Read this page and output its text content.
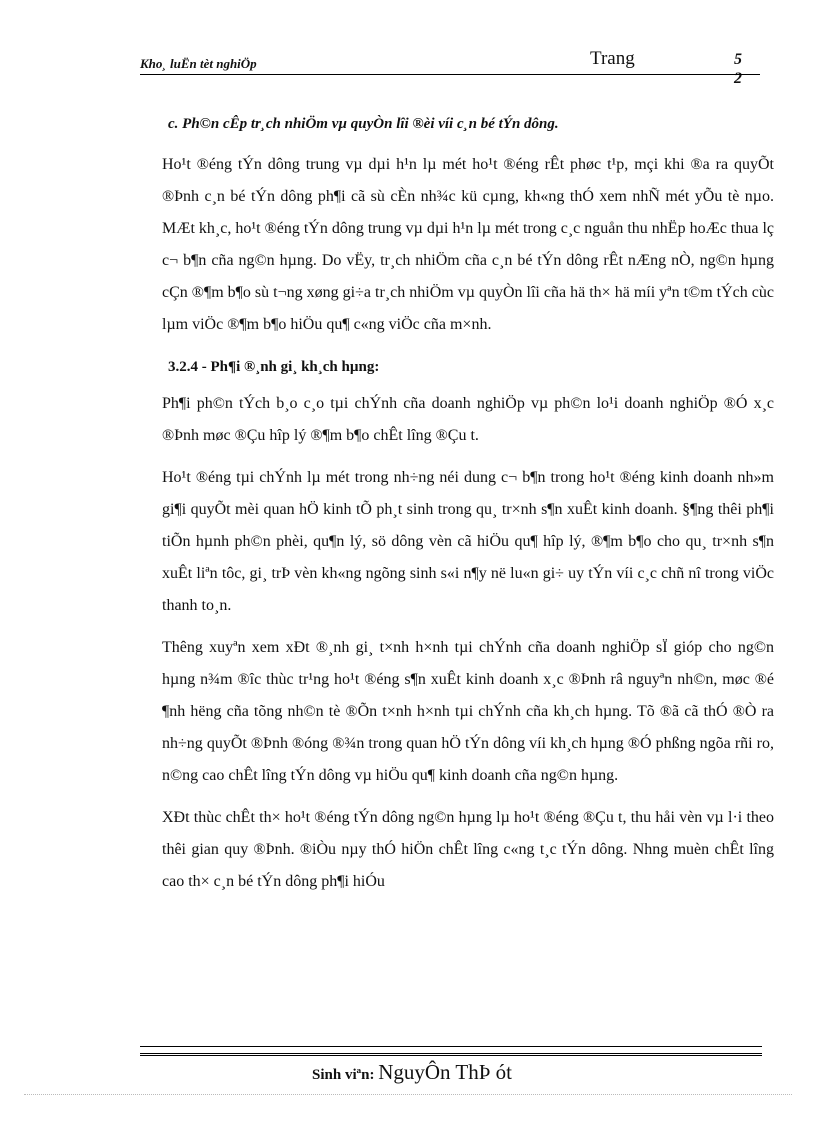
Kho¸ luËn tèt nghiÖp	Trang	5
2
c. Ph©n cÊp tr¸ch nhiÖm vµ quyÒn lîi ®èi víi c¸n bé tÝn dông.

Ho¹t ®éng tÝn dông trung vµ dµi h¹n lµ mét ho¹t ®éng rÊt phøc t¹p, mçi khi ®a ra quyÕt ®Þnh c¸n bé tÝn dông ph¶i cã sù cÈn nh¾c kü cµng, kh«ng thÓ xem nhÑ mét yÕu tè nµo. MÆt kh¸c, ho¹t ®éng tÝn dông trung vµ dµi h¹n lµ mét trong c¸c nguån thu nhËp hoÆc thua lç c¬ b¶n cña ng©n hµng. Do vËy, tr¸ch nhiÖm cña c¸n bé tÝn dông rÊt nÆng nÒ, ng©n hµng cÇn ®¶m b¶o sù t¬ng xøng gi÷a tr¸ch nhiÖm vµ quyÒn lîi cña hä th× hä míi yªn t©m tÝch cùc lµm viÖc ®¶m b¶o hiÖu qu¶ c«ng viÖc cña m×nh.

3.2.4 - Ph¶i ®¸nh gi¸ kh¸ch hµng:

Ph¶i ph©n tÝch b¸o c¸o tµi chÝnh cña doanh nghiÖp vµ ph©n lo¹i doanh nghiÖp ®Ó x¸c ®Þnh møc ®Çu hîp lý ®¶m b¶o chÊt lîng ®Çu t.

Ho¹t ®éng tµi chÝnh lµ mét trong nh÷ng néi dung c¬ b¶n trong ho¹t ®éng kinh doanh nh»m gi¶i quyÕt mèi quan hÖ kinh tÕ ph¸t sinh trong qu¸ tr×nh s¶n xuÊt kinh doanh. §¶ng thêi ph¶i tiÕn hµnh ph©n phèi, qu¶n lý, sö dông vèn cã hiÖu qu¶ hîp lý, ®¶m b¶o cho qu¸ tr×nh s¶n xuÊt liªn tôc, gi¸ trÞ vèn kh«ng ngõng sinh s«i n¶y në lu«n gi÷ uy tÝn víi c¸c chñ nî trong viÖc thanh to¸n.

Thêng xuyªn xem xÐt ®¸nh gi¸ t×nh h×nh tµi chÝnh cña doanh nghiÖp sÏ gióp cho ng©n hµng n¾m ®îc thùc tr¹ng ho¹t ®éng s¶n xuÊt kinh doanh x¸c ®Þnh râ nguyªn nh©n, møc ®é ¶nh hëng cña tõng nh©n tè ®Õn t×nh h×nh tµi chÝnh cña kh¸ch hµng. Tõ ®ã cã thÓ ®Ò ra nh÷ng quyÕt ®Þnh ®óng ®¾n trong quan hÖ tÝn dông víi kh¸ch hµng ®Ó phßng ngõa rñi ro, n©ng cao chÊt lîng tÝn dông vµ hiÖu qu¶ kinh doanh cña ng©n hµng.

XÐt thùc chÊt th× ho¹t ®éng tÝn dông ng©n hµng lµ ho¹t ®éng ®Çu t, thu håi vèn vµ l·i theo thêi gian quy ®Þnh. ®iÒu nµy thÓ hiÖn chÊt lîng c«ng t¸c tÝn dông. Nhng muèn chÊt lîng cao th× c¸n bé tÝn dông ph¶i hiÓu

Sinh viªn: NguyÔn ThÞ ót
